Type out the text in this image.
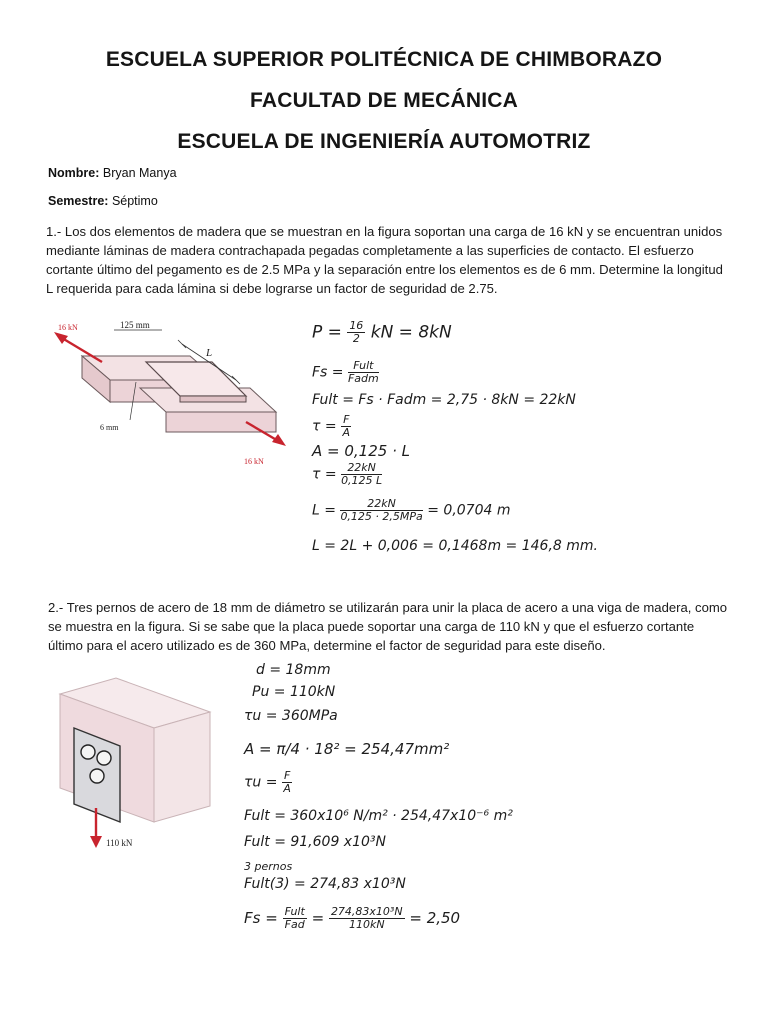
ESCUELA SUPERIOR POLITÉCNICA DE CHIMBORAZO
FACULTAD DE MECÁNICA
ESCUELA DE INGENIERÍA AUTOMOTRIZ
Nombre: Bryan Manya
Semestre: Séptimo
1.- Los dos elementos de madera que se muestran en la figura soportan una carga de 16 kN y se encuentran unidos mediante láminas de madera contrachapada pegadas completamente a las superficies de contacto. El esfuerzo cortante último del pegamento es de 2.5 MPa y la separación entre los elementos es de 6 mm. Determine la longitud L requerida para cada lámina si debe lograrse un factor de seguridad de 2.75.
L
125 mm
6 mm
16 kN
16 kN
$P = \frac{16}{2}$ kN = 8kN
$Fs = \frac{\text{Fult}}{\text{Fadm}}$
Fult = Fs · Fadm = 2,75 · 8kN = 22kN
$\tau = \frac{F}{A}$
A = 0,125 · L
$\tau = \frac{22kN}{0,125 L}$
$L = \frac{22kN}{\text{0,125 · 2,5MPa}} = 0,0704$ m
L = 2L + 0,006 = 0,1468m = 146,8 mm.
2.- Tres pernos de acero de 18 mm de diámetro se utilizarán para unir la placa de acero a una viga de madera, como se muestra en la figura. Si se sabe que la placa puede soportar una carga de 110 kN y que el esfuerzo cortante último para el acero utilizado es de 360 MPa, determine el factor de seguridad para este diseño.
110 kN
d = 18mm
Pu = 110kN
τu = 360MPa
A = π/4 · 18² = 254,47mm²
$\tau u = \frac{F}{A}$
Fult = 360x10⁶ N/m² · 254,47x10⁻⁶ m²
Fult = 91,609 x10³N
3 pernos
Fult(3) = 274,83 x10³N
$Fs = \frac{\text{Fult}}{\text{Fad}} = \frac{\text{274,83x10³N}}{110kN} = 2,50$
